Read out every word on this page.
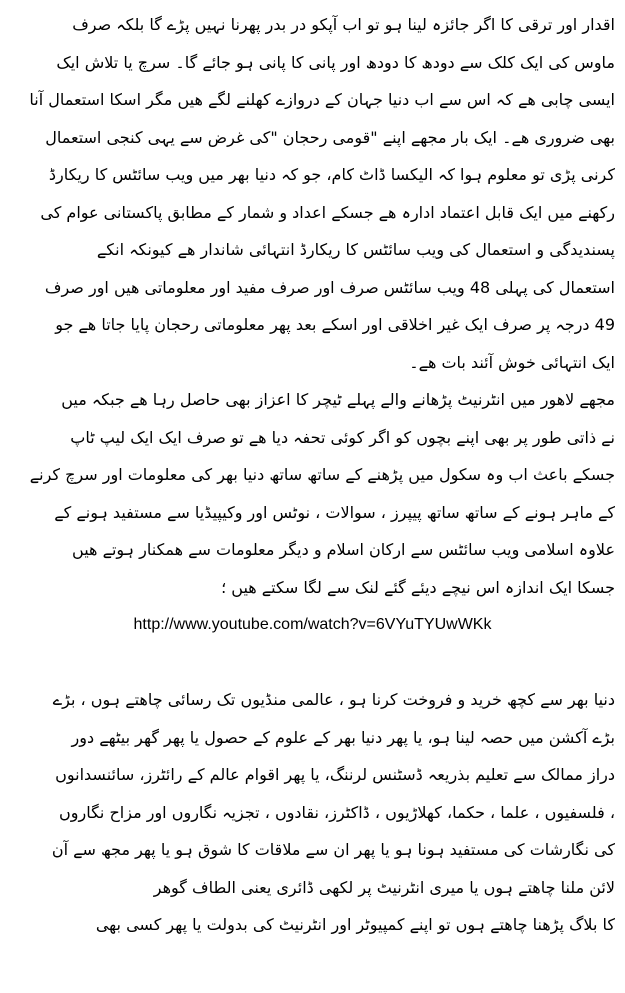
اقدار اور ترقی کا اگر جائزہ لینا ہو تو اب آپکو در بدر پھرنا نہیں پڑے گا بلکہ صرف
ماوس کی ایک کلک سے دودھ کا دودھ اور پانی کا پانی ہو جائے گا۔ سرچ یا تلاش ایک
ایسی چابی ھے کہ اس سے اب دنیا جہان کے دروازے کھلنے لگے ھیں مگر اسکا استعمال آنا
بھی ضروری ھے۔ ایک بار مجھے اپنے "قومی رحجان "کی غرض سے یہی کنجی استعمال
کرنی پڑی تو معلوم ہوا کہ الیکسا ڈاٹ کام، جو کہ دنیا بھر میں ویب سائٹس کا ریکارڈ
رکھنے میں ایک قابل اعتماد ادارہ ھے جسکے اعداد و شمار کے مطابق پاکستانی عوام کی
پسندیدگی و استعمال کی ویب سائٹس کا ریکارڈ انتہائی شاندار ھے کیونکہ انکے
استعمال کی پہلی 48 ویب سائٹس صرف اور صرف مفید اور معلوماتی ھیں اور صرف
49 درجہ پر صرف ایک غیر اخلاقی اور اسکے بعد پھر معلوماتی رحجان پایا جاتا ھے جو
ایک انتہائی خوش آئند بات ھے۔
مجھے لاھور میں انٹرنیٹ پڑھانے والے پہلے ٹیچر کا اعزاز بھی حاصل رہا ھے جبکہ میں
نے ذاتی طور پر بھی اپنے بچوں کو اگر کوئی تحفہ دیا ھے تو صرف ایک ایک لیپ ٹاپ
جسکے باعث اب وہ سکول میں پڑھنے کے ساتھ ساتھ دنیا بھر کی معلومات اور سرچ کرنے
کے ماہر ہونے کے ساتھ ساتھ پیپرز ، سوالات ، نوٹس اور وکیپیڈیا سے مستفید ہونے کے
علاوہ اسلامی ویب سائٹس سے ارکان اسلام و دیگر معلومات سے ھمکنار ہوتے ھیں
جسکا ایک اندازہ اس نیچے دیئے گئے لنک سے لگا سکتے ھیں ؛

http://www.youtube.com/watch?v=6VYuTYUwWKk

دنیا بھر سے کچھ خرید و فروخت کرنا ہو ، عالمی منڈیوں تک رسائی چاھتے ہوں ، بڑے
بڑے آکشن میں حصہ لینا ہو، یا پھر دنیا بھر کے علوم کے حصول یا پھر گھر بیٹھے دور
دراز ممالک سے تعلیم بذریعہ ڈسٹنس لرننگ، یا پھر اقوام عالم کے رائٹرز، سائنسدانوں
، فلسفیوں ، علما ، حکما، کھلاڑیوں ، ڈاکٹرز، نقادوں ، تجزیہ نگاروں اور مزاح نگاروں
کی نگارشات کی مستفید ہونا ہو یا پھر ان سے ملاقات کا شوق ہو یا پھر مجھ سے آن
لائن ملنا چاھتے ہوں یا میری انٹرنیٹ پر لکھی ڈائری یعنی الطاف گوھر
کا بلاگ پڑھنا چاھتے ہوں تو اپنے کمپیوٹر اور انٹرنیٹ کی بدولت یا پھر کسی بھی
